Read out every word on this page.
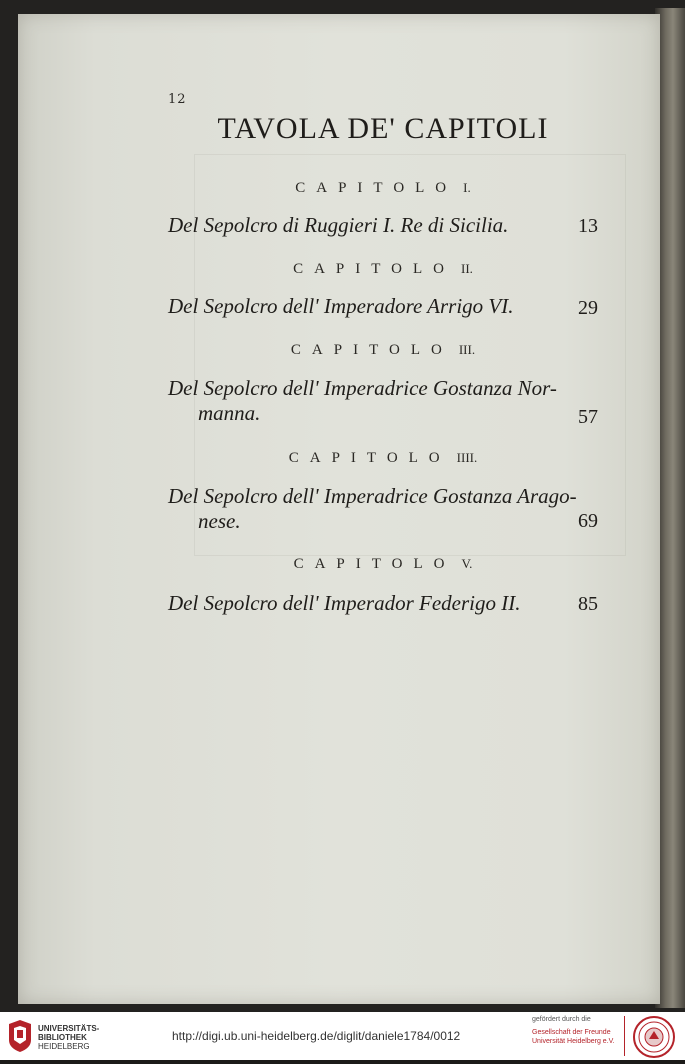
12
TAVOLA DE' CAPITOLI
CAPITOLO I.
Del Sepolcro di Ruggieri I. Re di Sicilia.	13
CAPITOLO II.
Del Sepolcro dell' Imperadore Arrigo VI.	29
CAPITOLO III.
Del Sepolcro dell' Imperadrice Gostanza Nor-
manna.	57
CAPITOLO IIII.
Del Sepolcro dell' Imperadrice Gostanza Arago-
nese.	69
CAPITOLO V.
Del Sepolcro dell' Imperador Federigo II.	85
UNIVERSITÄTS-
BIBLIOTHEK
HEIDELBERG
http://digi.ub.uni-heidelberg.de/diglit/daniele1784/0012
gefördert durch die
Gesellschaft der Freunde
Universität Heidelberg e.V.
